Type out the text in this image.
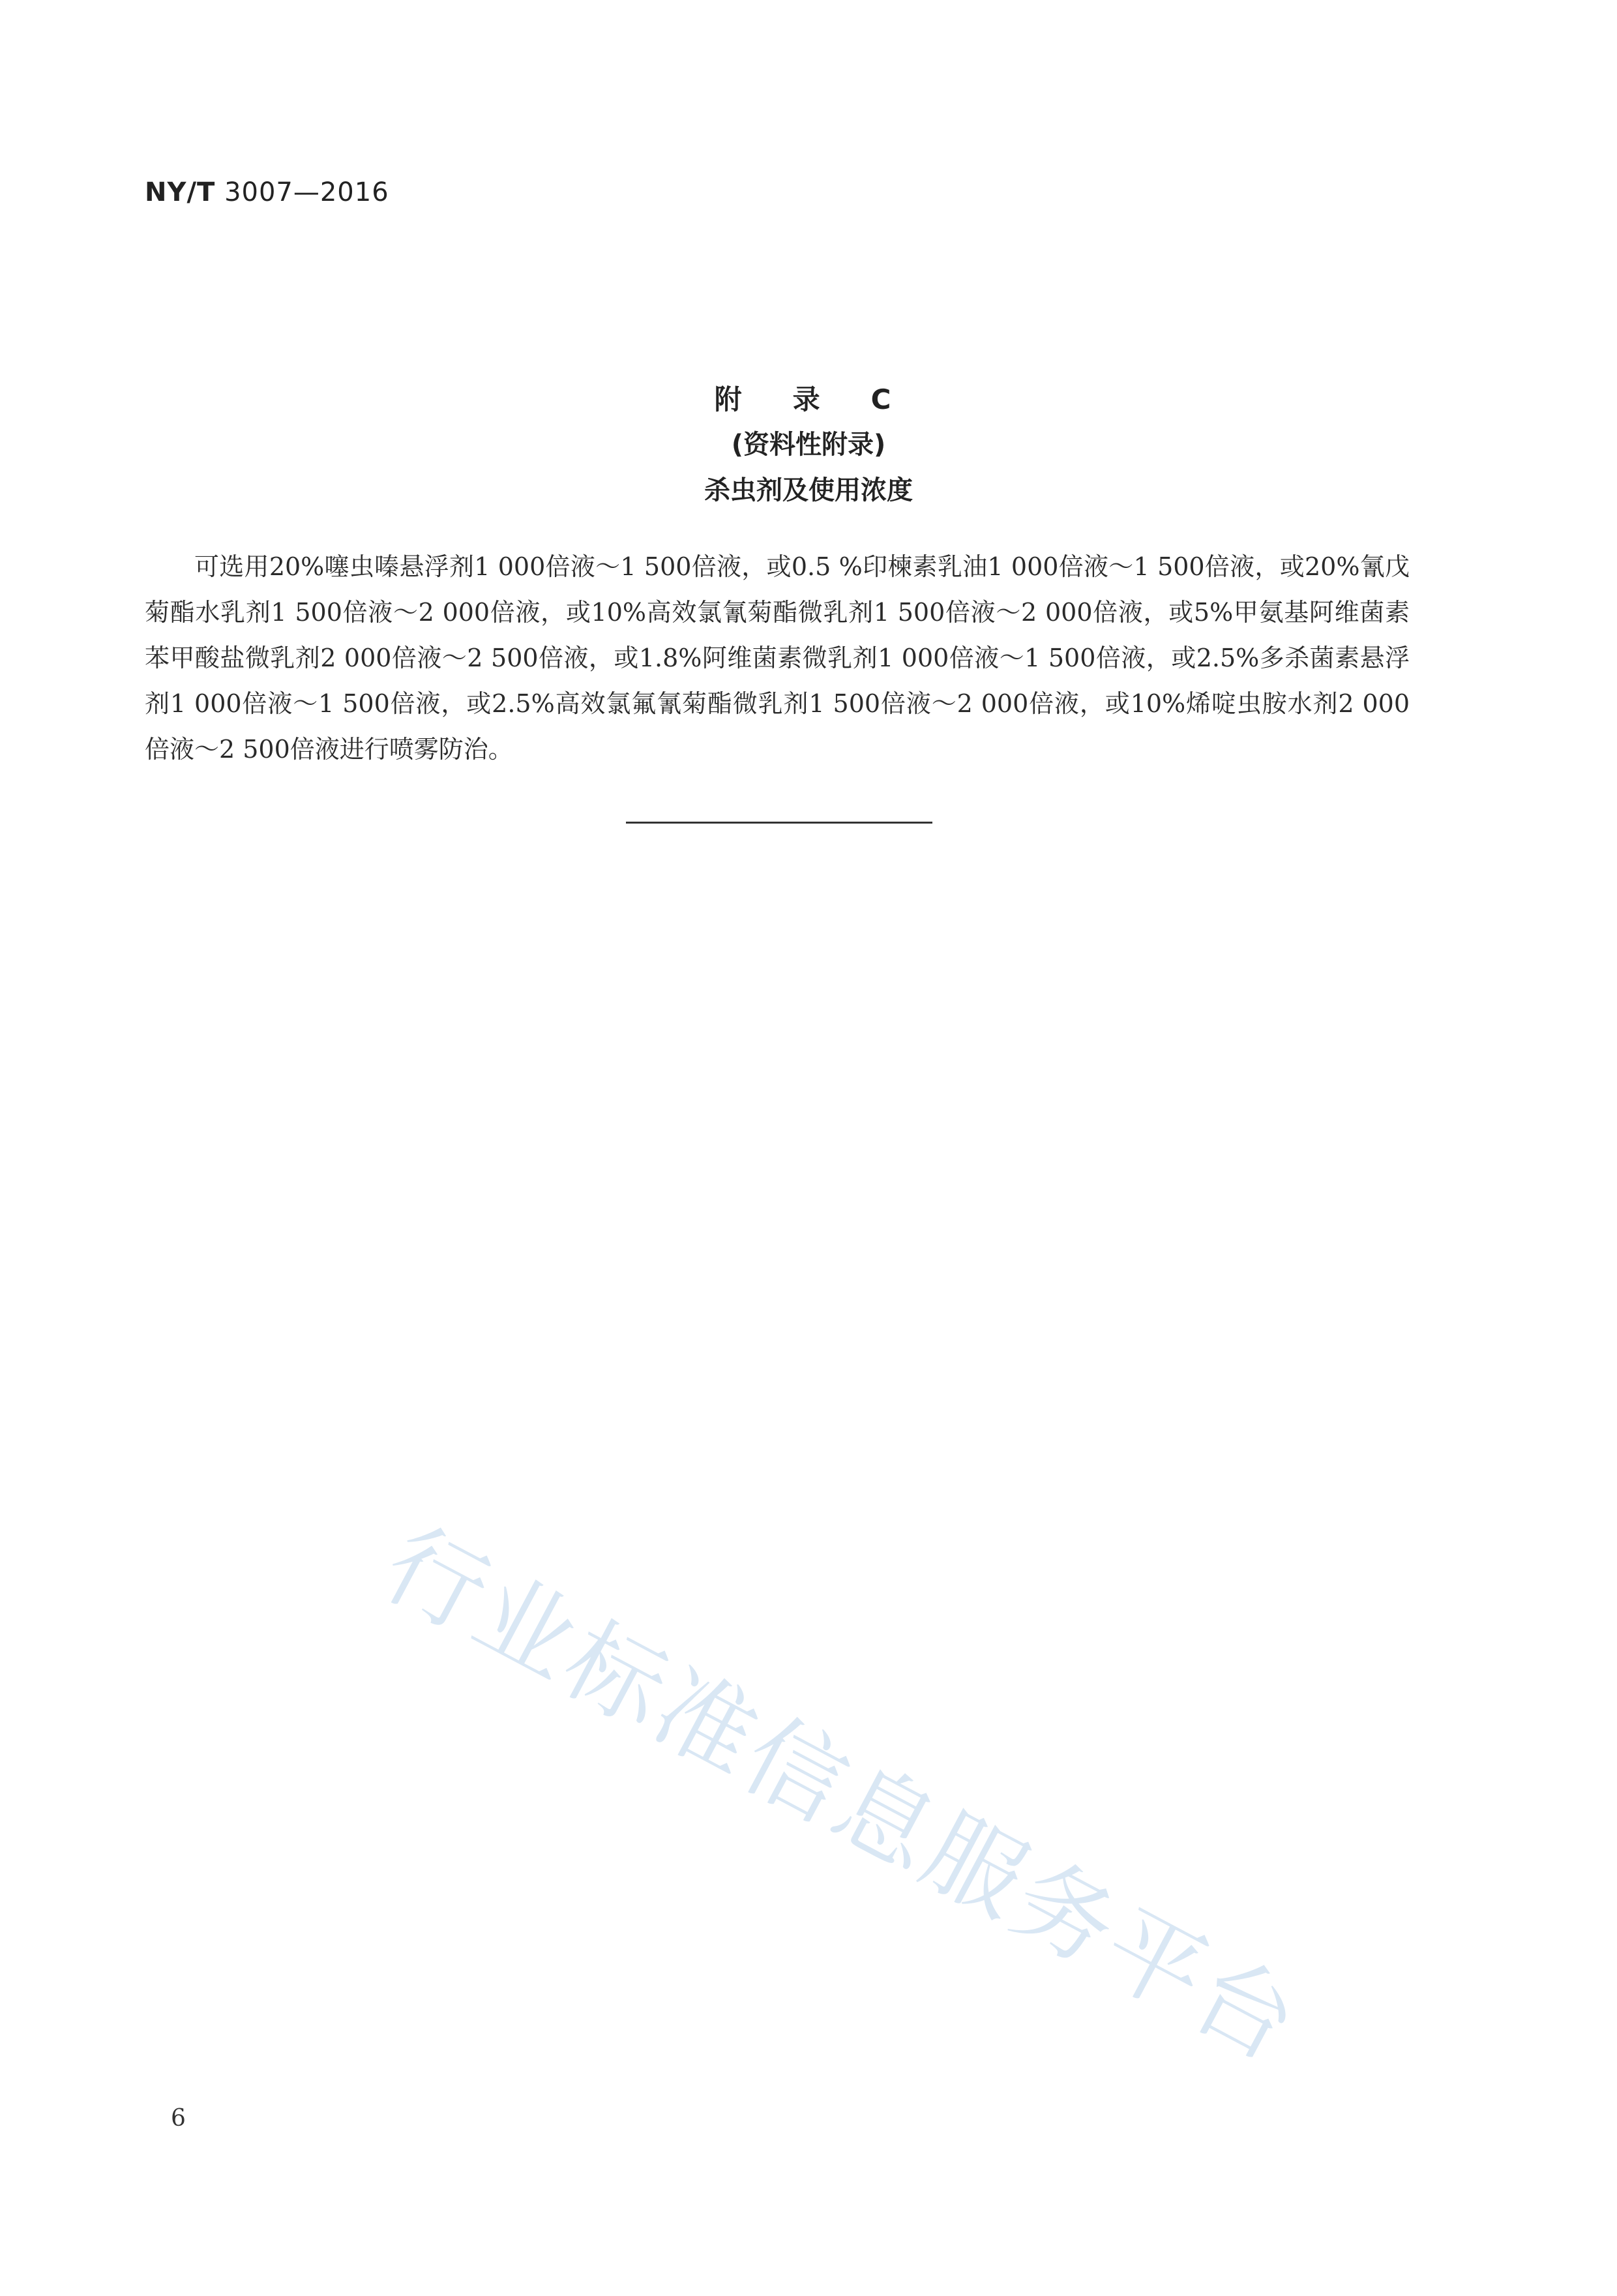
NY/T 3007—2016
附　录　C
(资料性附录)
杀虫剂及使用浓度
可选用20%噻虫嗪悬浮剂1 000倍液～1 500倍液，或0.5 %印楝素乳油1 000倍液～1 500倍液，或20%氰戊菊酯水乳剂1 500倍液～2 000倍液，或10%高效氯氰菊酯微乳剂1 500倍液～2 000倍液，或5%甲氨基阿维菌素苯甲酸盐微乳剂2 000倍液～2 500倍液，或1.8%阿维菌素微乳剂1 000倍液～1 500倍液，或2.5%多杀菌素悬浮剂1 000倍液～1 500倍液，或2.5%高效氯氟氰菊酯微乳剂1 500倍液～2 000倍液，或10%烯啶虫胺水剂2 000倍液～2 500倍液进行喷雾防治。
行业标准信息服务平台
6
